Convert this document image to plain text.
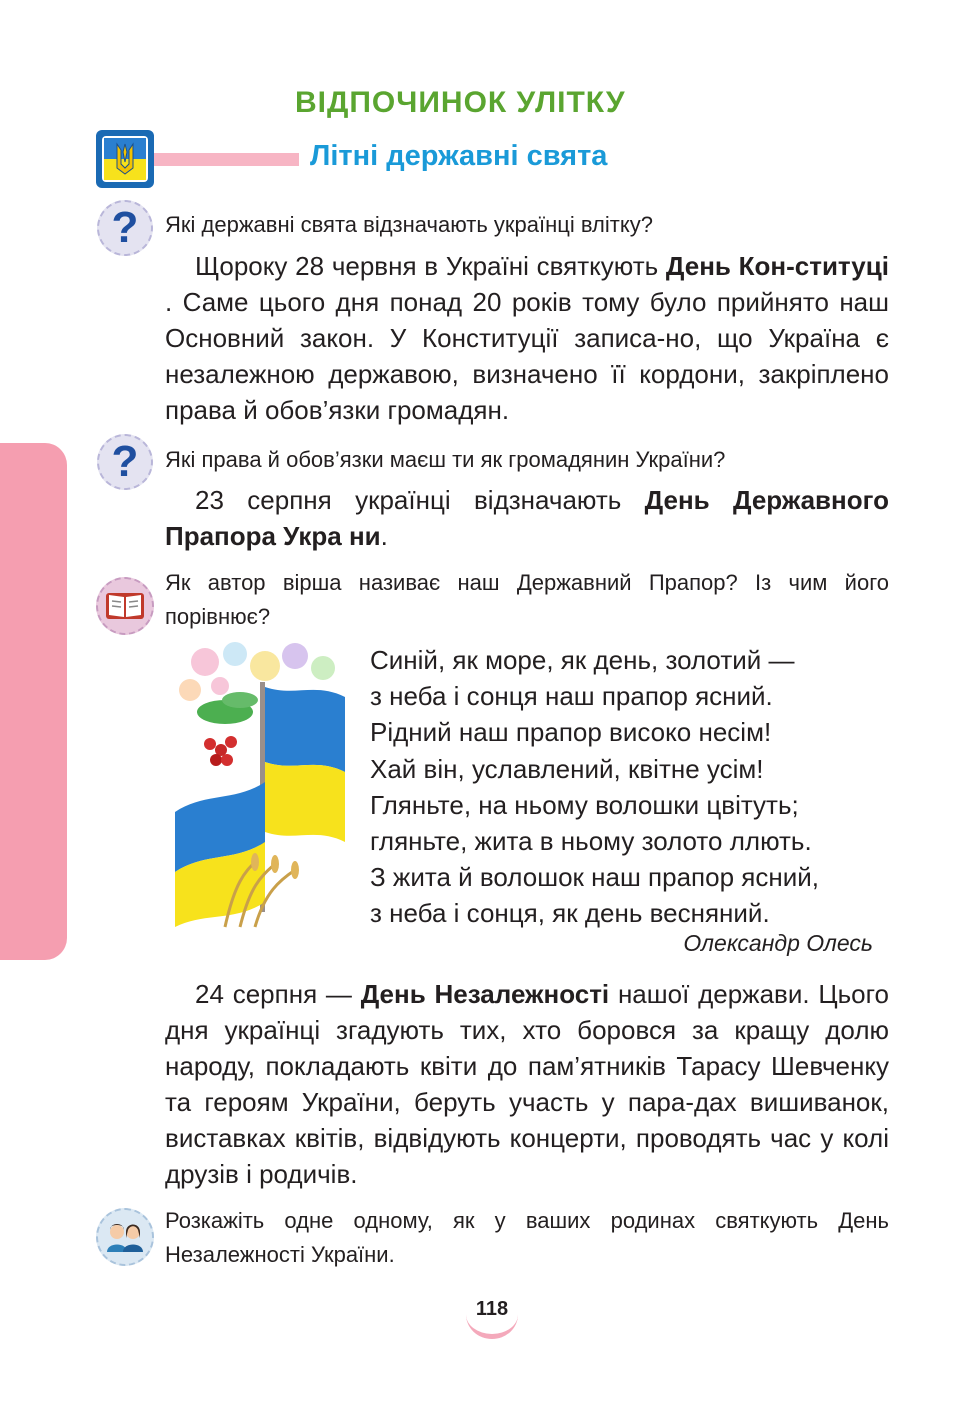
ВІДПОЧИНОК УЛІТКУ
Літні державні свята
?	Які державні свята відзначають українці влітку?
Щороку 28 червня в Україні святкують День Кон-ституці . Саме цього дня понад 20 років тому було прийнято наш Основний закон. У Конституції записа-но, що Україна є незалежною державою, визначено її кордони, закріплено права й обов’язки громадян.
?	Які права й обов’язки маєш ти як громадянин України?
23 серпня українці відзначають День Державного Прапора Укра ни.
Як автор вірша називає наш Державний Прапор? Із чим його порівнює?
Синій, як море, як день, золотий —
з неба і сонця наш прапор ясний.
Рідний наш прапор високо несім!
Хай він, уславлений, квітне усім!
Гляньте, на ньому волошки цвітуть;
гляньте, жита в ньому золото ллють.
З жита й волошок наш прапор ясний,
з неба і сонця, як день весняний.
Олександр Олесь
24 серпня — День Незалежності нашої держави. Цього дня українці згадують тих, хто боровся за кращу долю народу, покладають квіти до пам’ятників Тарасу Шевченку та героям України, беруть участь у пара-дах вишиванок, виставках квітів, відвідують концерти, проводять час у колі друзів і родичів.
Розкажіть одне одному, як у ваших родинах святкують День Незалежності України.
118
